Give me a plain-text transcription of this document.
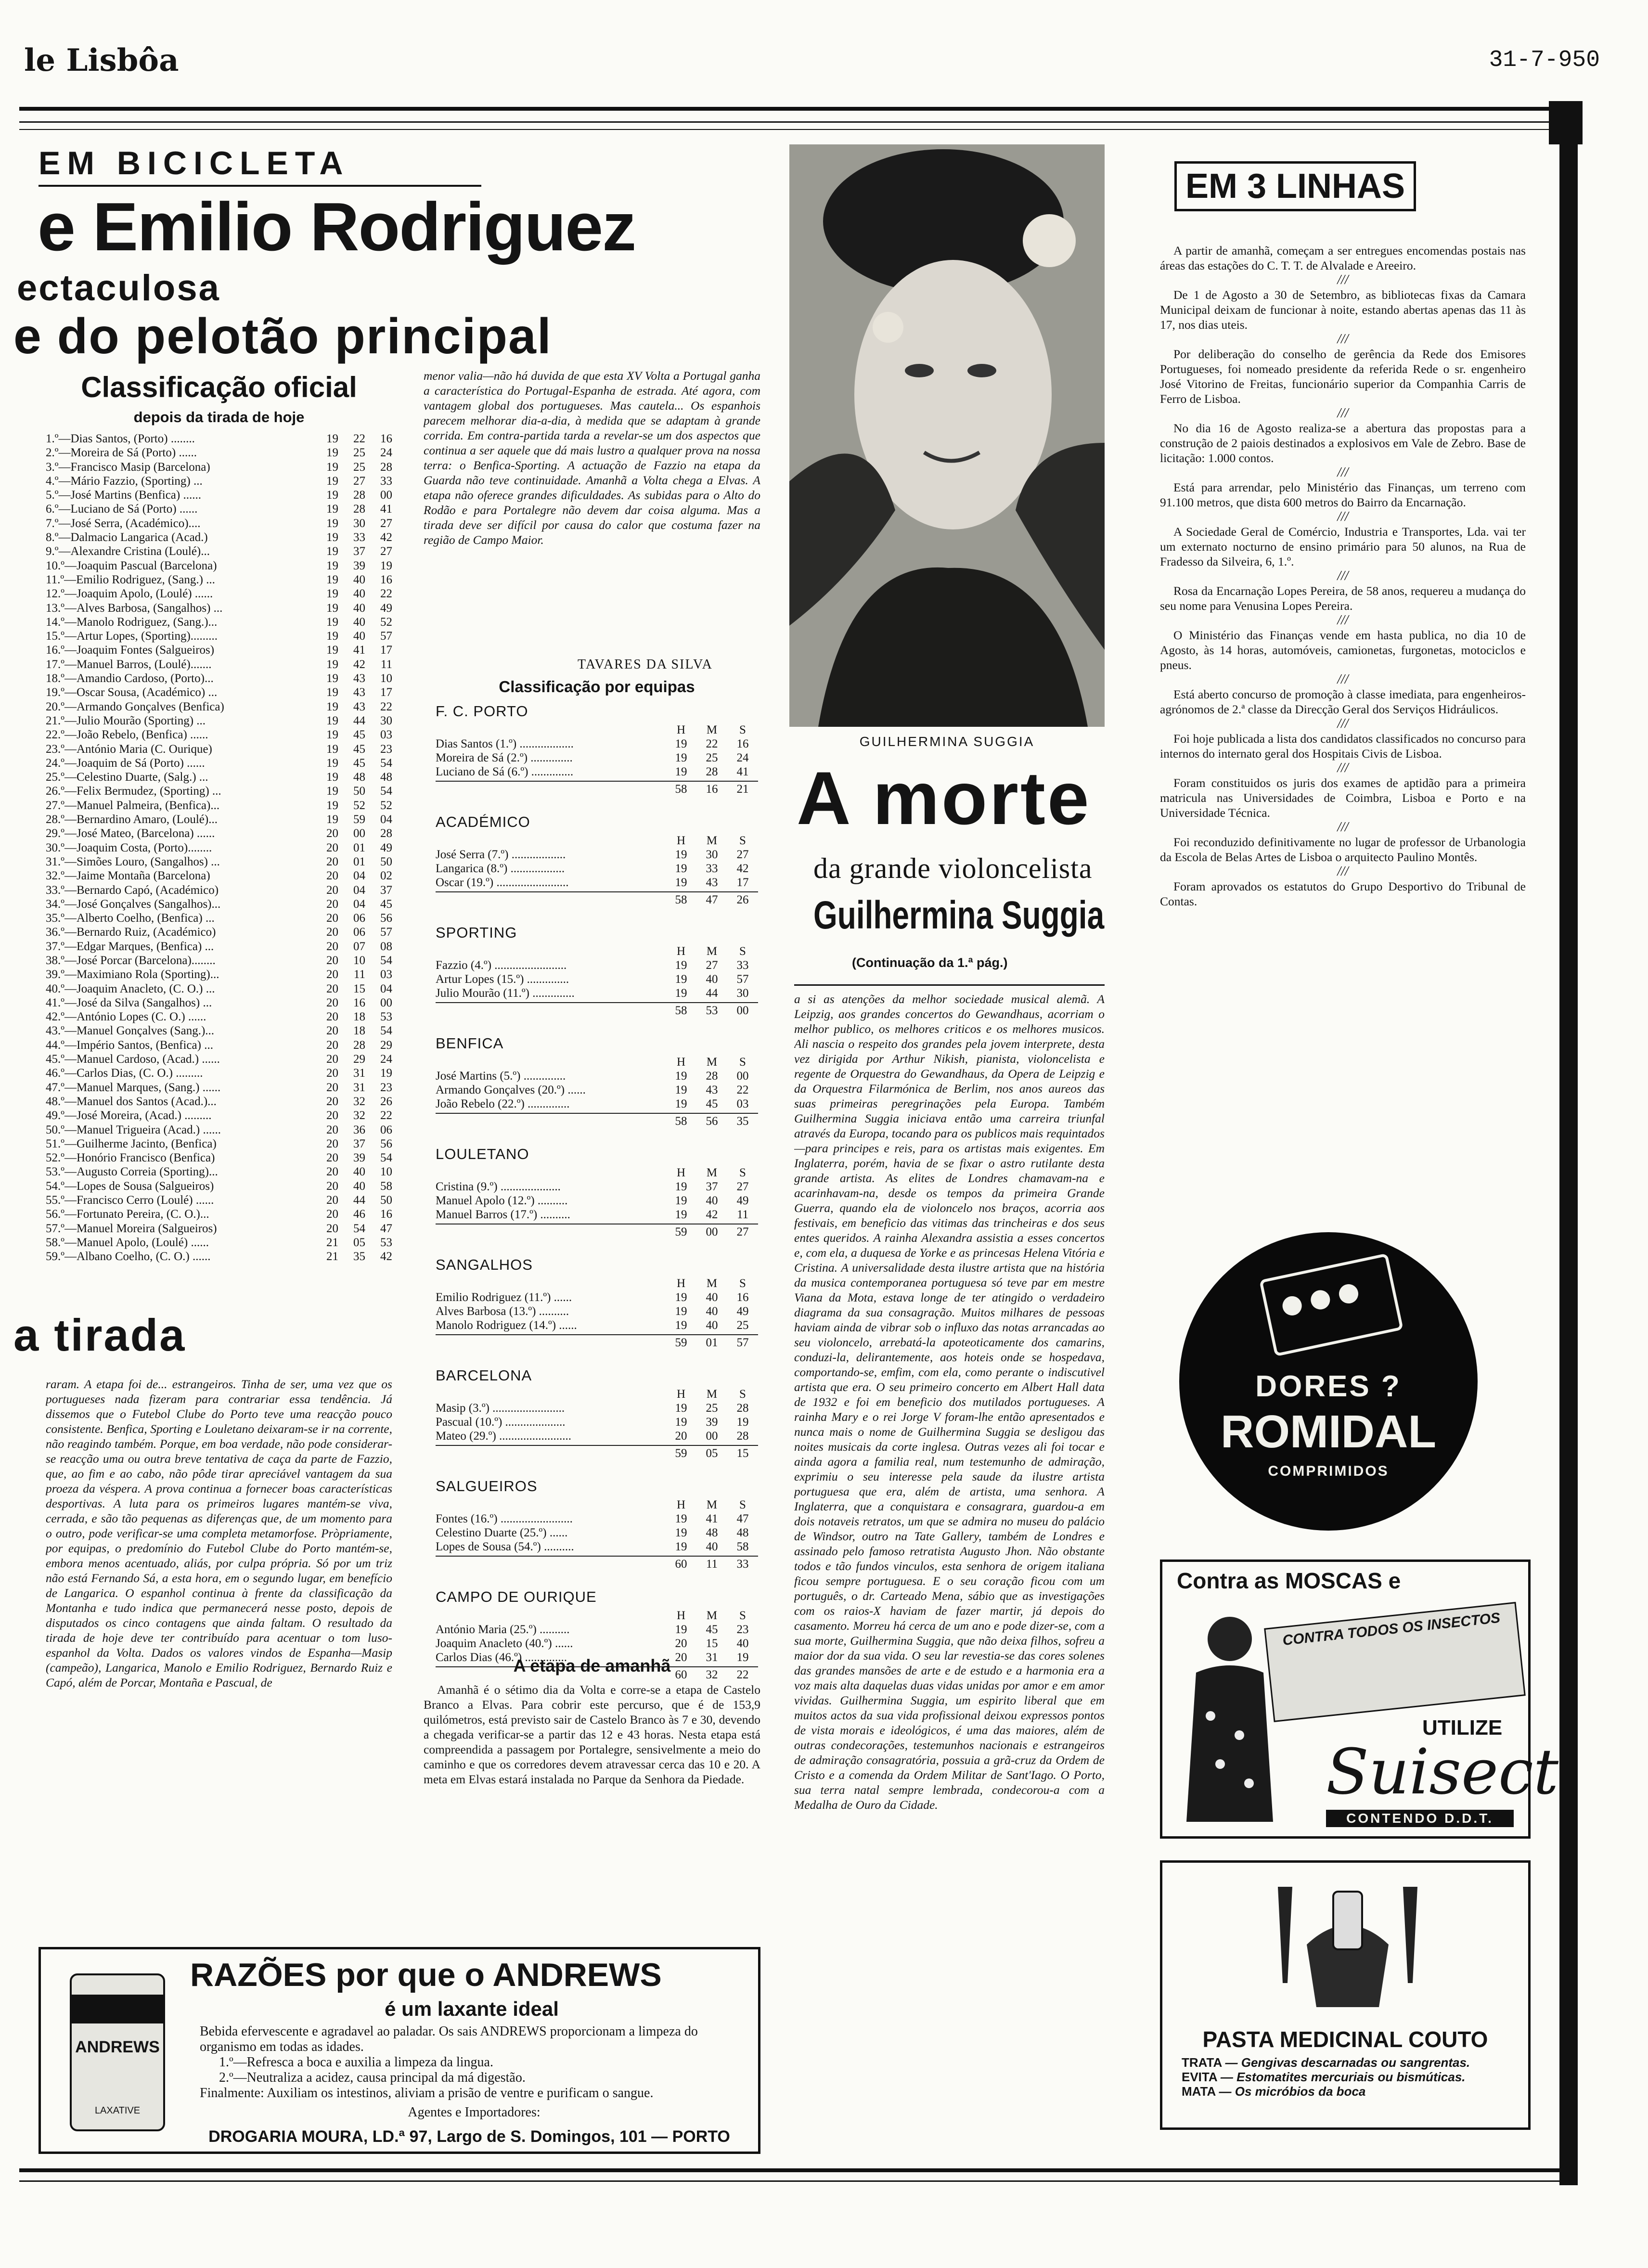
le Lisbôa	31-7-950
EM BICICLETA
e Emilio Rodriguez
ectaculosa
e do pelotão principal
Classificação oficial
depois da tirada de hoje
1.º—Dias Santos, (Porto) ........	19	22	16
2.º—Moreira de Sá (Porto) ......	19	25	24
3.º—Francisco Masip (Barcelona)	19	25	28
4.º—Mário Fazzio, (Sporting) ...	19	27	33
5.º—José Martins (Benfica) ......	19	28	00
6.º—Luciano de Sá (Porto) ......	19	28	41
7.º—José Serra, (Académico)....	19	30	27
8.º—Dalmacio Langarica (Acad.)	19	33	42
9.º—Alexandre Cristina (Loulé)...	19	37	27
10.º—Joaquim Pascual (Barcelona)	19	39	19
11.º—Emilio Rodriguez, (Sang.) ...	19	40	16
12.º—Joaquim Apolo, (Loulé) ......	19	40	22
13.º—Alves Barbosa, (Sangalhos) ...	19	40	49
14.º—Manolo Rodriguez, (Sang.)...	19	40	52
15.º—Artur Lopes, (Sporting).........	19	40	57
16.º—Joaquim Fontes (Salgueiros)	19	41	17
17.º—Manuel Barros, (Loulé).......	19	42	11
18.º—Amandio Cardoso, (Porto)...	19	43	10
19.º—Oscar Sousa, (Académico) ...	19	43	17
20.º—Armando Gonçalves (Benfica)	19	43	22
21.º—Julio Mourão (Sporting) ...	19	44	30
22.º—João Rebelo, (Benfica) ......	19	45	03
23.º—António Maria (C. Ourique)	19	45	23
24.º—Joaquim de Sá (Porto) ......	19	45	54
25.º—Celestino Duarte, (Salg.) ...	19	48	48
26.º—Felix Bermudez, (Sporting) ...	19	50	54
27.º—Manuel Palmeira, (Benfica)...	19	52	52
28.º—Bernardino Amaro, (Loulé)...	19	59	04
29.º—José Mateo, (Barcelona) ......	20	00	28
30.º—Joaquim Costa, (Porto)........	20	01	49
31.º—Simões Louro, (Sangalhos) ...	20	01	50
32.º—Jaime Montaña (Barcelona)	20	04	02
33.º—Bernardo Capó, (Académico)	20	04	37
34.º—José Gonçalves (Sangalhos)...	20	04	45
35.º—Alberto Coelho, (Benfica) ...	20	06	56
36.º—Bernardo Ruiz, (Académico)	20	06	57
37.º—Edgar Marques, (Benfica) ...	20	07	08
38.º—José Porcar (Barcelona)........	20	10	54
39.º—Maximiano Rola (Sporting)...	20	11	03
40.º—Joaquim Anacleto, (C. O.) ...	20	15	04
41.º—José da Silva (Sangalhos) ...	20	16	00
42.º—António Lopes (C. O.) ......	20	18	53
43.º—Manuel Gonçalves (Sang.)...	20	18	54
44.º—Império Santos, (Benfica) ...	20	28	29
45.º—Manuel Cardoso, (Acad.) ......	20	29	24
46.º—Carlos Dias, (C. O.) .........	20	31	19
47.º—Manuel Marques, (Sang.) ......	20	31	23
48.º—Manuel dos Santos (Acad.)...	20	32	26
49.º—José Moreira, (Acad.) .........	20	32	22
50.º—Manuel Trigueira (Acad.) ......	20	36	06
51.º—Guilherme Jacinto, (Benfica)	20	37	56
52.º—Honório Francisco (Benfica)	20	39	54
53.º—Augusto Correia (Sporting)...	20	40	10
54.º—Lopes de Sousa (Salgueiros)	20	40	58
55.º—Francisco Cerro (Loulé) ......	20	44	50
56.º—Fortunato Pereira, (C. O.)...	20	46	16
57.º—Manuel Moreira (Salgueiros)	20	54	47
58.º—Manuel Apolo, (Loulé) ......	21	05	53
59.º—Albano Coelho, (C. O.) ......	21	35	42
a tirada

raram. A etapa foi de... estrangeiros. Tinha de ser, uma vez que os portugueses nada fizeram para contrariar essa tendência. Já dissemos que o Futebol Clube do Porto teve uma reacção pouco consistente. Benfica, Sporting e Louletano deixaram-se ir na corrente, não reagindo também. Porque, em boa verdade, não pode considerar-se reacção uma ou outra breve tentativa de caça da parte de Fazzio, que, ao fim e ao cabo, não pôde tirar apreciável vantagem da sua proeza da véspera. A prova continua a fornecer boas características desportivas. A luta para os primeiros lugares mantém-se viva, cerrada, e são tão pequenas as diferenças que, de um momento para o outro, pode verificar-se uma completa metamorfose. Pròpriamente, por equipas, o predomínio do Futebol Clube do Porto mantém-se, embora menos acentuado, aliás, por culpa própria. Só por um triz não está Fernando Sá, a esta hora, em o segundo lugar, em benefício de Langarica. O espanhol continua à frente da classificação da Montanha e tudo indica que permanecerá nesse posto, depois de disputados os cinco contagens que ainda faltam. O resultado da tirada de hoje deve ter contribuído para acentuar o tom luso-espanhol da Volta. Dados os valores vindos de Espanha—Masip (campeão), Langarica, Manolo e Emilio Rodriguez, Bernardo Ruiz e Capó, além de Porcar, Montaña e Pascual, de

menor valia—não há duvida de que esta XV Volta a Portugal ganha a característica do Portugal-Espanha de estrada. Até agora, com vantagem global dos portugueses. Mas cautela... Os espanhois parecem melhorar dia-a-dia, à medida que se adaptam à grande corrida. Em contra-partida tarda a revelar-se um dos aspectos que continua a ser aquele que dá mais lustro a qualquer prova na nossa terra: o Benfica-Sporting. A actuação de Fazzio na etapa da Guarda não teve continuidade. Amanhã a Volta chega a Elvas. A etapa não oferece grandes dificuldades. As subidas para o Alto do Rodão e para Portalegre não devem dar coisa alguma. Mas a tirada deve ser difícil por causa do calor que costuma fazer na região de Campo Maior.

TAVARES DA SILVA
Classificação por equipas
F. C. PORTO
H	M	S
Dias Santos (1.º) ..................	19	22	16
Moreira de Sá (2.º) ..............	19	25	24
Luciano de Sá (6.º) ..............	19	28	41
58	16	21
ACADÉMICO
H	M	S
José Serra (7.º) ..................	19	30	27
Langarica (8.º) ..................	19	33	42
Oscar (19.º) ........................	19	43	17
58	47	26
SPORTING
H	M	S
Fazzio (4.º) ........................	19	27	33
Artur Lopes (15.º) ..............	19	40	57
Julio Mourão (11.º) ..............	19	44	30
58	53	00
BENFICA
H	M	S
José Martins (5.º) ..............	19	28	00
Armando Gonçalves (20.º) ......	19	43	22
João Rebelo (22.º) ..............	19	45	03
58	56	35
LOULETANO
H	M	S
Cristina (9.º) ....................	19	37	27
Manuel Apolo (12.º) ..........	19	40	49
Manuel Barros (17.º) ..........	19	42	11
59	00	27
SANGALHOS
H	M	S
Emilio Rodriguez (11.º) ......	19	40	16
Alves Barbosa (13.º) ..........	19	40	49
Manolo Rodriguez (14.º) ......	19	40	25
59	01	57
BARCELONA
H	M	S
Masip (3.º) ........................	19	25	28
Pascual (10.º) ....................	19	39	19
Mateo (29.º) ........................	20	00	28
59	05	15
SALGUEIROS
H	M	S
Fontes (16.º) ........................	19	41	47
Celestino Duarte (25.º) ......	19	48	48
Lopes de Sousa (54.º) ..........	19	40	58
60	11	33
CAMPO DE OURIQUE
H	M	S
António Maria (25.º) ..........	19	45	23
Joaquim Anacleto (40.º) ......	20	15	40
Carlos Dias (46.º) ..............	20	31	19
60	32	22
A etapa de amanhã

Amanhã é o sétimo dia da Volta e corre-se a etapa de Castelo Branco a Elvas. Para cobrir este percurso, que é de 153,9 quilómetros, está previsto sair de Castelo Branco às 7 e 30, devendo a chegada verificar-se a partir das 12 e 43 horas. Nesta etapa está compreendida a passagem por Portalegre, sensivelmente a meio do caminho e que os corredores devem atravessar cerca das 10 e 20. A meta em Elvas estará instalada no Parque da Senhora da Piedade.

ANDREWS
LAXATIVE
RAZÕES por que o ANDREWS
é um laxante ideal
Bebida efervescente e agradavel ao paladar. Os sais ANDREWS proporcionam a limpeza do organismo em todas as idades.
1.º—Refresca a boca e auxilia a limpeza da lingua.
2.º—Neutraliza a acidez, causa principal da má digestão.
Finalmente: Auxiliam os intestinos, aliviam a prisão de ventre e purificam o sangue.
Agentes e Importadores:
DROGARIA MOURA, LD.ª 97, Largo de S. Domingos, 101 — PORTO
GUILHERMINA SUGGIA
A morte
da grande violoncelista
Guilhermina Suggia
(Continuação da 1.ª pág.)

a si as atenções da melhor sociedade musical alemã. A Leipzig, aos grandes concertos do Gewandhaus, acorriam o melhor publico, os melhores criticos e os melhores musicos. Ali nascia o respeito dos grandes pela jovem interprete, desta vez dirigida por Arthur Nikish, pianista, violoncelista e regente de Orquestra do Gewandhaus, da Opera de Leipzig e da Orquestra Filarmónica de Berlim, nos anos aureos das suas primeiras peregrinações pela Europa. Também Guilhermina Suggia iniciava então uma carreira triunfal através da Europa, tocando para os publicos mais requintados—para principes e reis, para os artistas mais exigentes. Em Inglaterra, porém, havia de se fixar o astro rutilante desta grande artista. As elites de Londres chamavam-na e acarinhavam-na, desde os tempos da primeira Grande Guerra, quando ela de violoncelo nos braços, acorria aos festivais, em beneficio das vitimas das trincheiras e dos seus entes queridos. A rainha Alexandra assistia a esses concertos e, com ela, a duquesa de Yorke e as princesas Helena Vitória e Cristina. A universalidade desta ilustre artista que na história da musica contemporanea portuguesa só teve par em mestre Viana da Mota, estava longe de ter atingido o verdadeiro diagrama da sua consagração. Muitos milhares de pessoas haviam ainda de vibrar sob o influxo das notas arrancadas ao seu violoncelo, arrebatá-la apoteoticamente dos camarins, conduzi-la, delirantemente, aos hoteis onde se hospedava, comportando-se, emfim, com ela, como perante o indiscutivel artista que era. O seu primeiro concerto em Albert Hall data de 1932 e foi em beneficio dos mutilados portugueses. A rainha Mary e o rei Jorge V foram-lhe então apresentados e nunca mais o nome de Guilhermina Suggia se desligou das noites musicais da corte inglesa. Outras vezes ali foi tocar e ainda agora a familia real, num testemunho de admiração, exprimiu o seu interesse pela saude da ilustre artista portuguesa que era, além de artista, uma senhora. A Inglaterra, que a conquistara e consagrara, guardou-a em dois notaveis retratos, um que se admira no museu do palácio de Windsor, outro na Tate Gallery, também de Londres e assinado pelo famoso retratista Augusto Jhon. Não obstante todos e tão fundos vinculos, esta senhora de origem italiana ficou sempre portuguesa. E o seu coração ficou com um português, o dr. Carteado Mena, sábio que as investigações com os raios-X haviam de fazer martir, já depois do casamento. Morreu há cerca de um ano e pode dizer-se, com a sua morte, Guilhermina Suggia, que não deixa filhos, sofreu a maior dor da sua vida. O seu lar revestia-se das cores solenes das grandes mansões de arte e de estudo e a harmonia era a voz mais alta daquelas duas vidas unidas por amor e em amor vividas. Guilhermina Suggia, um espirito liberal que em muitos actos da sua vida profissional deixou expressos pontos de vista morais e ideológicos, é uma das maiores, além de outras condecorações, testemunhos nacionais e estrangeiros de admiração consagratória, possuia a grã-cruz da Ordem de Cristo e a comenda da Ordem Militar de Sant'Iago. O Porto, sua terra natal sempre lembrada, condecorou-a com a Medalha de Ouro da Cidade.

EM 3 LINHAS

A partir de amanhã, começam a ser entregues encomendas postais nas áreas das estações do C. T. T. de Alvalade e Areeiro.

///

De 1 de Agosto a 30 de Setembro, as bibliotecas fixas da Camara Municipal deixam de funcionar à noite, estando abertas apenas das 11 às 17, nos dias uteis.

///

Por deliberação do conselho de gerência da Rede dos Emisores Portugueses, foi nomeado presidente da referida Rede o sr. engenheiro José Vitorino de Freitas, funcionário superior da Companhia Carris de Ferro de Lisboa.

///

No dia 16 de Agosto realiza-se a abertura das propostas para a construção de 2 paiois destinados a explosivos em Vale de Zebro. Base de licitação: 1.000 contos.

///

Está para arrendar, pelo Ministério das Finanças, um terreno com 91.100 metros, que dista 600 metros do Bairro da Encarnação.

///

A Sociedade Geral de Comércio, Industria e Transportes, Lda. vai ter um externato nocturno de ensino primário para 50 alunos, na Rua de Fradesso da Silveira, 6, 1.º.

///

Rosa da Encarnação Lopes Pereira, de 58 anos, requereu a mudança do seu nome para Venusina Lopes Pereira.

///

O Ministério das Finanças vende em hasta publica, no dia 10 de Agosto, às 14 horas, automóveis, camionetas, furgonetas, motociclos e pneus.

///

Está aberto concurso de promoção à classe imediata, para engenheiros-agrónomos de 2.ª classe da Direcção Geral dos Serviços Hidráulicos.

///

Foi hoje publicada a lista dos candidatos classificados no concurso para internos do internato geral dos Hospitais Civis de Lisboa.

///

Foram constituidos os juris dos exames de aptidão para a primeira matricula nas Universidades de Coimbra, Lisboa e Porto e na Universidade Técnica.

///

Foi reconduzido definitivamente no lugar de professor de Urbanologia da Escola de Belas Artes de Lisboa o arquitecto Paulino Montês.

///

Foram aprovados os estatutos do Grupo Desportivo do Tribunal de Contas.

DORES ?
ROMIDAL
COMPRIMIDOS
Contra as MOSCAS e
CONTRA TODOS OS INSECTOS
UTILIZE
Suisect
CONTENDO D.D.T.
PASTA MEDICINAL COUTO
TRATA — Gengivas descarnadas ou sangrentas.
EVITA — Estomatites mercuriais ou bismúticas.
MATA — Os micróbios da boca
